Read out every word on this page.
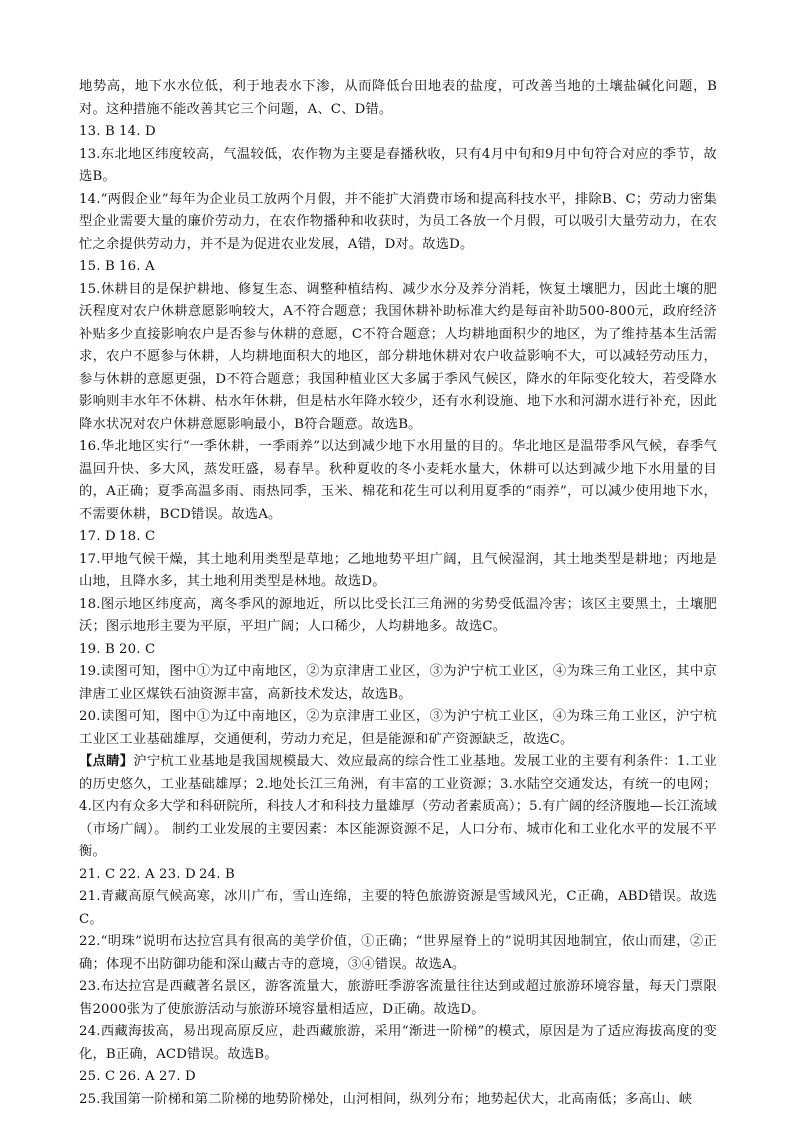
地势高，地下水水位低，利于地表水下渗，从而降低台田地表的盐度，可改善当地的土壤盐碱化问题，B对。这种措施不能改善其它三个问题，A、C、D错。
13. B 14. D
13.东北地区纬度较高，气温较低，农作物为主要是春播秋收，只有4月中旬和9月中旬符合对应的季节，故选B。
14.“两假企业”每年为企业员工放两个月假，并不能扩大消费市场和提高科技水平，排除B、C；劳动力密集型企业需要大量的廉价劳动力，在农作物播种和收获时，为员工各放一个月假，可以吸引大量劳动力，在农忙之余提供劳动力，并不是为促进农业发展，A错，D对。故选D。
15. B 16. A
15.休耕目的是保护耕地、修复生态、调整种植结构、减少水分及养分消耗，恢复土壤肥力，因此土壤的肥沃程度对农户休耕意愿影响较大，A不符合题意；我国休耕补助标准大约是每亩补助500-800元，政府经济补贴多少直接影响农户是否参与休耕的意愿，C不符合题意；人均耕地面积少的地区，为了维持基本生活需求，农户不愿参与休耕，人均耕地面积大的地区，部分耕地休耕对农户收益影响不大，可以减轻劳动压力，参与休耕的意愿更强，D不符合题意；我国种植业区大多属于季风气候区，降水的年际变化较大，若受降水影响则丰水年不休耕、枯水年休耕，但是枯水年降水较少，还有水利设施、地下水和河湖水进行补充，因此降水状况对农户休耕意愿影响最小，B符合题意。故选B。
16.华北地区实行“一季休耕，一季雨养”以达到减少地下水用量的目的。华北地区是温带季风气候，春季气温回升快、多大风，蒸发旺盛，易春旱。秋种夏收的冬小麦耗水量大，休耕可以达到减少地下水用量的目的，A正确；夏季高温多雨、雨热同季，玉米、棉花和花生可以利用夏季的“雨养”，可以减少使用地下水，不需要休耕，BCD错误。故选A。
17. D 18. C
17.甲地气候干燥，其土地利用类型是草地；乙地地势平坦广阔，且气候湿润，其土地类型是耕地；丙地是山地，且降水多，其土地利用类型是林地。故选D。
18.图示地区纬度高，离冬季风的源地近，所以比受长江三角洲的劣势受低温冷害；该区主要黑土，土壤肥沃；图示地形主要为平原，平坦广阔；人口稀少，人均耕地多。故选C。
19. B 20. C
19.读图可知，图中①为辽中南地区，②为京津唐工业区，③为沪宁杭工业区，④为珠三角工业区，其中京津唐工业区煤铁石油资源丰富，高新技术发达，故选B。
20.读图可知，图中①为辽中南地区，②为京津唐工业区，③为沪宁杭工业区，④为珠三角工业区，沪宁杭工业区工业基础雄厚，交通便利，劳动力充足，但是能源和矿产资源缺乏，故选C。
【点睛】沪宁杭工业基地是我国规模最大、效应最高的综合性工业基地。发展工业的主要有利条件：1.工业的历史悠久，工业基础雄厚；2.地处长江三角洲，有丰富的工业资源；3.水陆空交通发达，有统一的电网；4.区内有众多大学和科研院所，科技人才和科技力量雄厚（劳动者素质高）；5.有广阔的经济腹地—长江流域（市场广阔）。 制约工业发展的主要因素：本区能源资源不足，人口分布、城市化和工业化水平的发展不平衡。
21. C 22. A 23. D 24. B
21.青藏高原气候高寒，冰川广布，雪山连绵，主要的特色旅游资源是雪域风光，C正确，ABD错误。故选C。
22.“明珠”说明布达拉宫具有很高的美学价值，①正确；“世界屋脊上的”说明其因地制宜，依山而建，②正确；体现不出防御功能和深山藏古寺的意境，③④错误。故选A。
23.布达拉宫是西藏著名景区，游客流量大，旅游旺季游客流量往往达到或超过旅游环境容量，每天门票限售2000张为了使旅游活动与旅游环境容量相适应，D正确。故选D。
24.西藏海拔高，易出现高原反应，赴西藏旅游，采用“渐进一阶梯”的模式，原因是为了适应海拔高度的变化，B正确，ACD错误。故选B。
25. C 26. A 27. D
25.我国第一阶梯和第二阶梯的地势阶梯处，山河相间，纵列分布；地势起伏大，北高南低；多高山、峡
